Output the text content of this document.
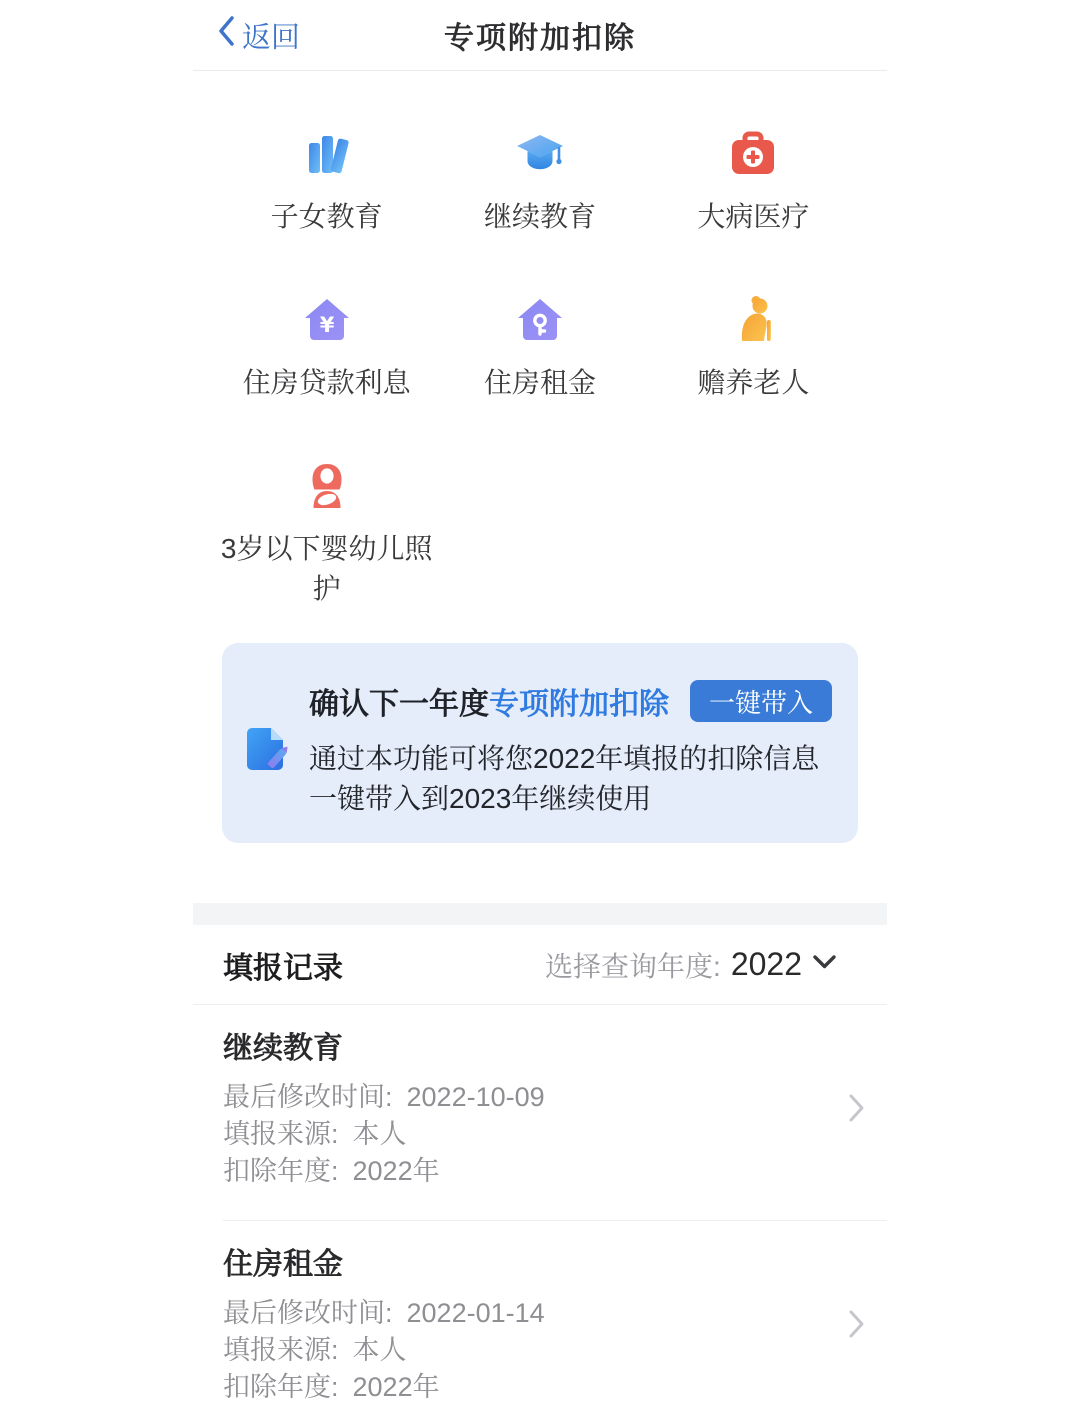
返回	专项附加扣除
子女教育	继续教育	大病医疗
¥
住房贷款利息	住房租金	赡养老人
3岁以下婴幼儿照护
确认下一年度专项附加扣除	一键带入
通过本功能可将您2022年填报的扣除信息一键带入到2023年继续使用
填报记录	选择查询年度: 2022
继续教育
最后修改时间: 2022-10-09
填报来源: 本人
扣除年度: 2022年
住房租金
最后修改时间: 2022-01-14
填报来源: 本人
扣除年度: 2022年
